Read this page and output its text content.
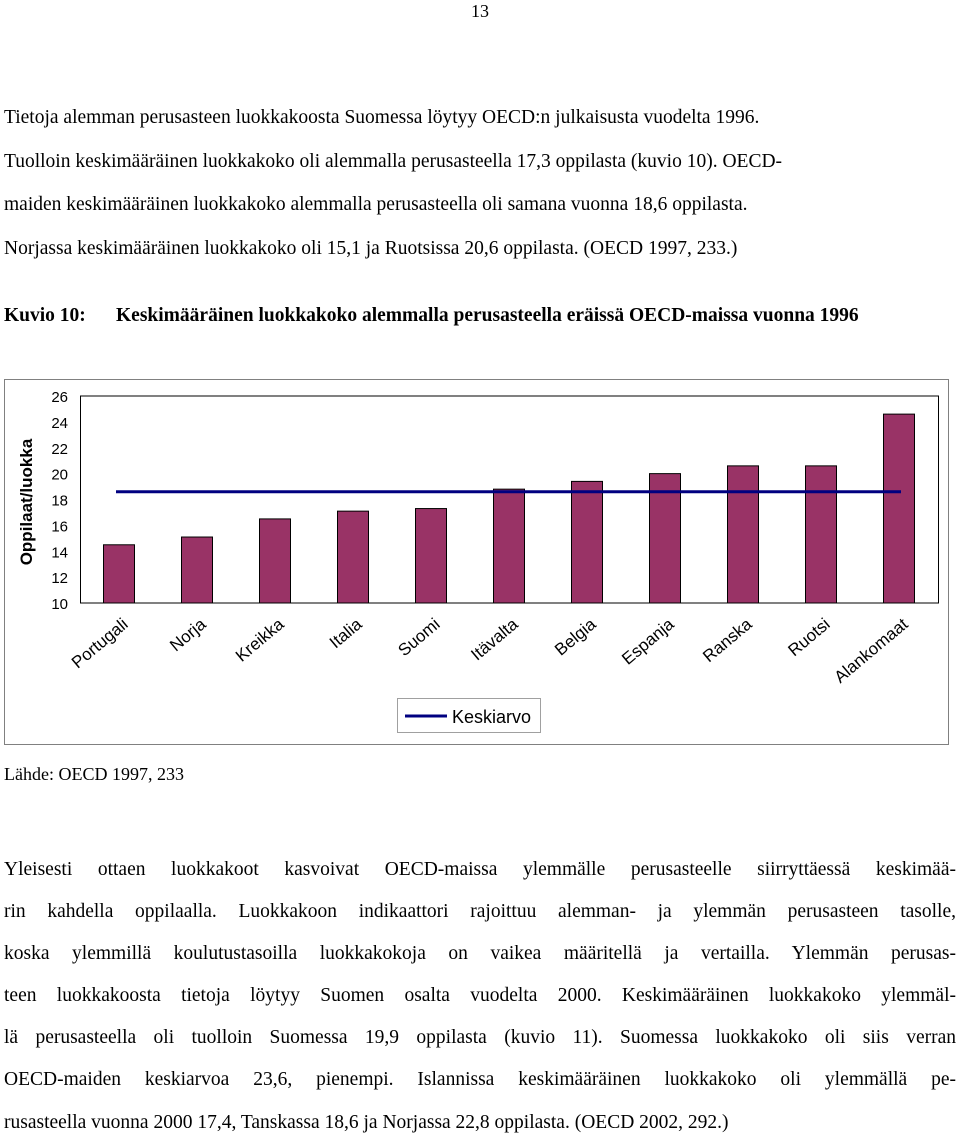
13
Tietoja alemman perusasteen luokkakoosta Suomessa löytyy OECD:n julkaisusta vuodelta 1996.
Tuolloin keskimääräinen luokkakoko oli alemmalla perusasteella 17,3 oppilasta (kuvio 10). OECD-
maiden keskimääräinen luokkakoko alemmalla perusasteella oli samana vuonna 18,6 oppilasta.
Norjassa keskimääräinen luokkakoko oli 15,1 ja Ruotsissa 20,6 oppilasta. (OECD 1997, 233.)
Kuvio 10: Keskimääräinen luokkakoko alemmalla perusasteella eräissä OECD-maissa vuonna 1996
Oppilaat/luokka
10
12
14
16
18
20
22
24
26
Portugali Norja Kreikka Italia Suomi Itävalta Belgia Espanja Ranska Ruotsi
Alankomaat
Keskiarvo
Lähde: OECD 1997, 233
Yleisesti ottaen luokkakoot kasvoivat OECD-maissa ylemmälle perusasteelle siirryttäessä keskimää-
rin kahdella oppilaalla. Luokkakoon indikaattori rajoittuu alemman- ja ylemmän perusasteen tasolle,
koska ylemmillä koulutustasoilla luokkakokoja on vaikea määritellä ja vertailla. Ylemmän perusas-
teen luokkakoosta tietoja löytyy Suomen osalta vuodelta 2000. Keskimääräinen luokkakoko ylemmäl-
lä perusasteella oli tuolloin Suomessa 19,9 oppilasta (kuvio 11). Suomessa luokkakoko oli siis verran
OECD-maiden keskiarvoa 23,6, pienempi. Islannissa keskimääräinen luokkakoko oli ylemmällä pe-
rusasteella vuonna 2000 17,4, Tanskassa 18,6 ja Norjassa 22,8 oppilasta. (OECD 2002, 292.)
